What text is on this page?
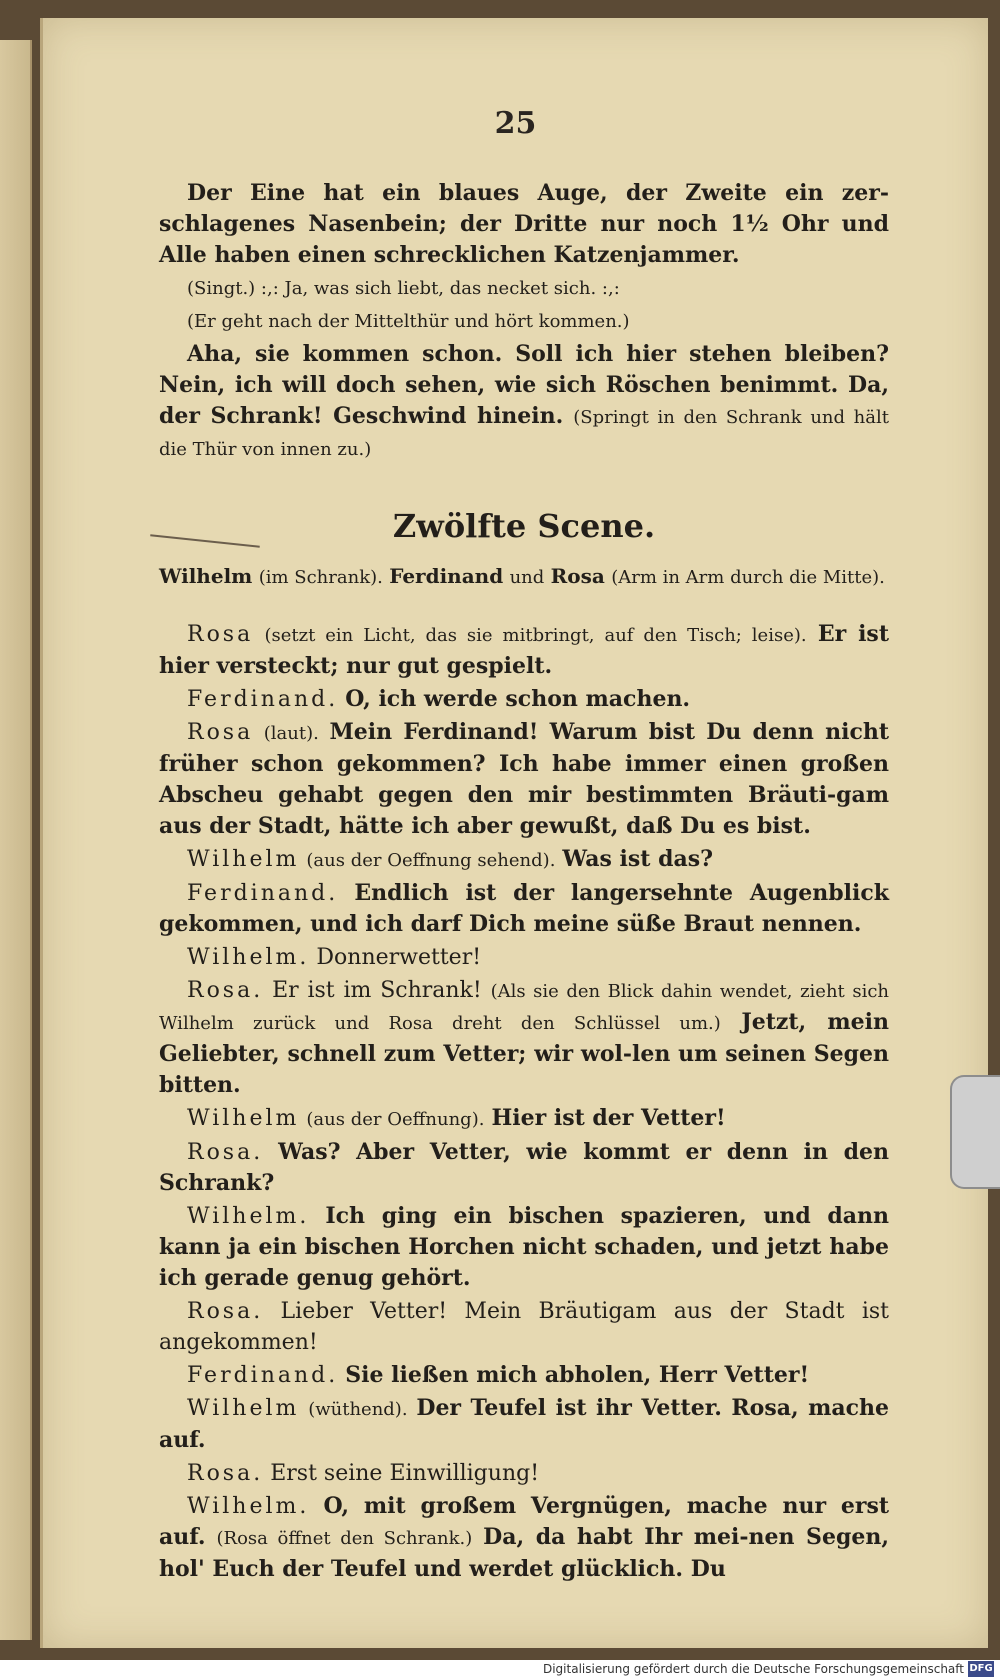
25

Der Eine hat ein blaues Auge, der Zweite ein zer-schlagenes Nasenbein; der Dritte nur noch 1½ Ohr und Alle haben einen schrecklichen Katzenjammer.

(Singt.) :,: Ja, was sich liebt, das necket sich. :,:

(Er geht nach der Mittelthür und hört kommen.)

Aha, sie kommen schon. Soll ich hier stehen bleiben? Nein, ich will doch sehen, wie sich Röschen benimmt. Da, der Schrank! Geschwind hinein. (Springt in den Schrank und hält die Thür von innen zu.)

Zwölfte Scene.
Wilhelm (im Schrank). Ferdinand und Rosa (Arm in Arm durch die Mitte).

Rosa (setzt ein Licht, das sie mitbringt, auf den Tisch; leise). Er ist hier versteckt; nur gut gespielt.

Ferdinand. O, ich werde schon machen.

Rosa (laut). Mein Ferdinand! Warum bist Du denn nicht früher schon gekommen? Ich habe immer einen großen Abscheu gehabt gegen den mir bestimmten Bräuti-gam aus der Stadt, hätte ich aber gewußt, daß Du es bist.

Wilhelm (aus der Oeffnung sehend). Was ist das?

Ferdinand. Endlich ist der langersehnte Augenblick gekommen, und ich darf Dich meine süße Braut nennen.

Wilhelm. Donnerwetter!

Rosa. Er ist im Schrank! (Als sie den Blick dahin wendet, zieht sich Wilhelm zurück und Rosa dreht den Schlüssel um.) Jetzt, mein Geliebter, schnell zum Vetter; wir wol-len um seinen Segen bitten.

Wilhelm (aus der Oeffnung). Hier ist der Vetter!

Rosa. Was? Aber Vetter, wie kommt er denn in den Schrank?

Wilhelm. Ich ging ein bischen spazieren, und dann kann ja ein bischen Horchen nicht schaden, und jetzt habe ich gerade genug gehört.

Rosa. Lieber Vetter! Mein Bräutigam aus der Stadt ist angekommen!

Ferdinand. Sie ließen mich abholen, Herr Vetter!

Wilhelm (wüthend). Der Teufel ist ihr Vetter. Rosa, mache auf.

Rosa. Erst seine Einwilligung!

Wilhelm. O, mit großem Vergnügen, mache nur erst auf. (Rosa öffnet den Schrank.) Da, da habt Ihr mei-nen Segen, hol' Euch der Teufel und werdet glücklich. Du

Digitalisierung gefördert durch die Deutsche Forschungsgemeinschaft DFG
